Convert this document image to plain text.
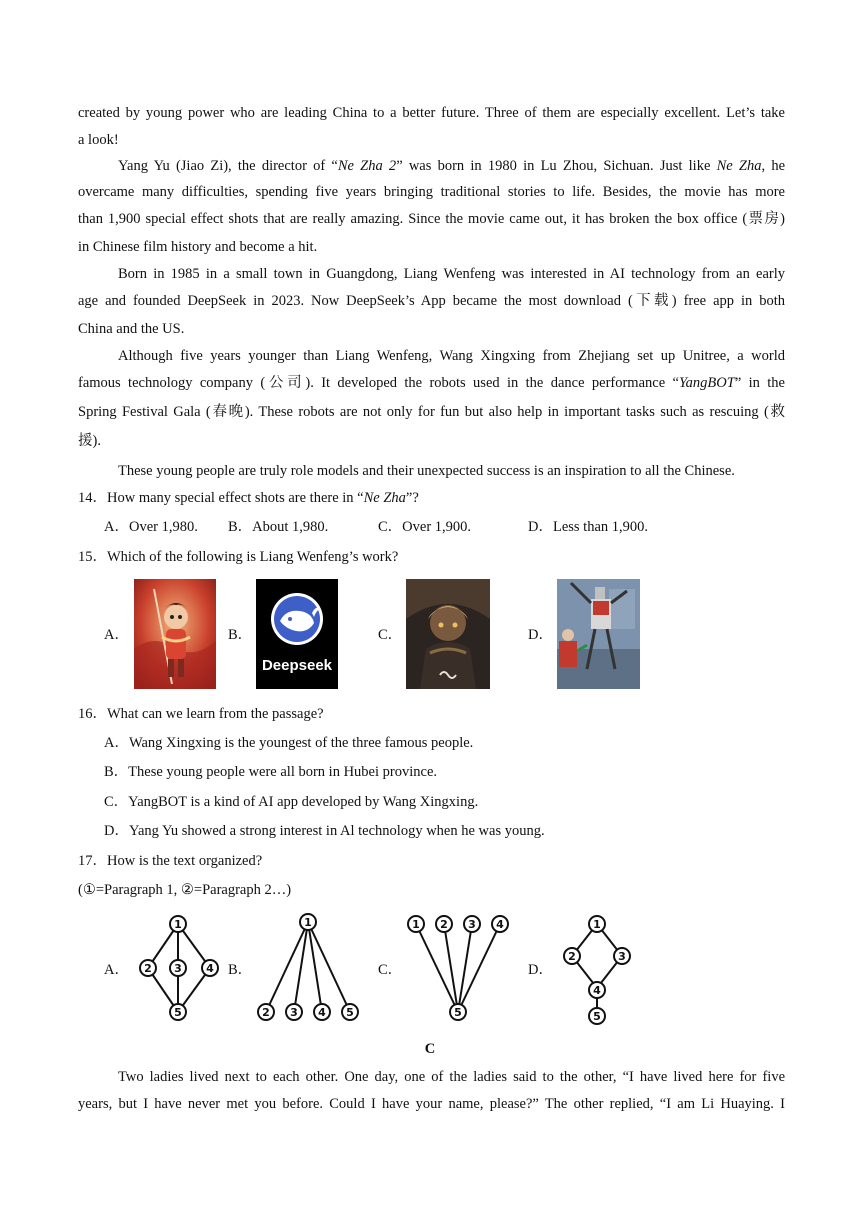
created by young power who are leading China to a better future. Three of them are especially excellent. Let’s take
a look!
Yang Yu (Jiao Zi), the director of “Ne Zha 2” was born in 1980 in Lu Zhou, Sichuan. Just like Ne Zha, he
overcame many difficulties, spending five years bringing traditional stories to life. Besides, the movie has more
than 1,900 special effect shots that are really amazing. Since the movie came out, it has broken the box office (票房)
in Chinese film history and become a hit.
Born in 1985 in a small town in Guangdong, Liang Wenfeng was interested in AI technology from an early
age and founded DeepSeek in 2023. Now DeepSeek’s App became the most download (下载) free app in both
China and the US.
Although five years younger than Liang Wenfeng, Wang Xingxing from Zhejiang set up Unitree, a world
famous technology company (公司). It developed the robots used in the dance performance “YangBOT” in the
Spring Festival Gala (春晚). These robots are not only for fun but also help in important tasks such as rescuing (救
援).
These young people are truly role models and their unexpected success is an inspiration to all the Chinese.
14．How many special effect shots are there in “Ne Zha”?
A．Over 1,980. B．About 1,980.	C．Over 1,900.	D．Less than 1,900.
15．Which of the following is Liang Wenfeng’s work?
A．	B．	C．	D．
Deepseek
16．What can we learn from the passage?
A．Wang Xingxing is the youngest of the three famous people.
B．These young people were all born in Hubei province.
C．YangBOT is a kind of AI app developed by Wang Xingxing.
D．Yang Yu showed a strong interest in Al technology when he was young.
17．How is the text organized?
(①=Paragraph 1, ②=Paragraph 2…)
A．	B．	C．	D．
1
2 3 4
5
1
2 3 4 5
1 2 3 4
5
1
2	3
4
5
C
Two ladies lived next to each other. One day, one of the ladies said to the other, “I have lived here for five
years, but I have never met you before. Could I have your name, please?” The other replied, “I am Li Huaying. I
